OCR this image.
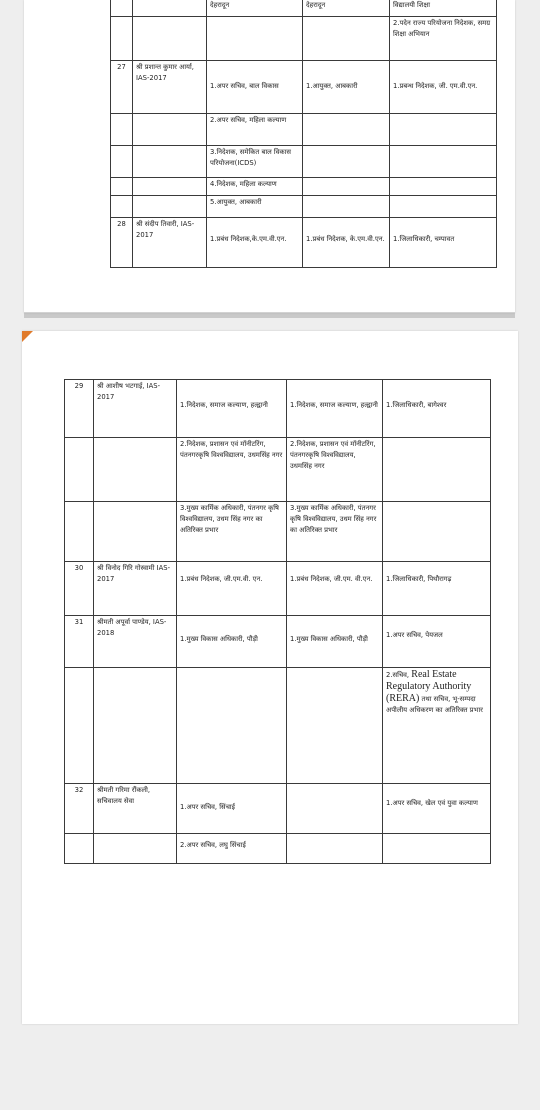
		देहरादून	देहरादून	विद्यालयी शिक्षा
				2.पदेन राज्य परियोजना निदेशक, समग्र शिक्षा अभियान
27	श्री प्रशान्त कुमार आर्या, IAS-2017	1.अपर सचिव, बाल विकास	1.आयुक्त, आबकारी	1.प्रबन्ध निदेशक, जी. एम.वी.एन.
		2.अपर सचिव, महिला कल्याण		
		3.निदेशक, समेकित बाल विकास परियोजना(ICDS)		
		4.निदेशक, महिला कल्याण		
		5.आयुक्त, आबकारी		
28	श्री संदीप तिवारी, IAS-2017	1.प्रबंध निदेशक,के.एम.वी.एन.	1.प्रबंध निदेशक, के.एम.वी.एन.	1.जिलाधिकारी, चम्पावत
29	श्री आशीष भटगाई, IAS-2017	1.निदेशक, समाज कल्याण, हल्द्वानी	1.निदेशक, समाज कल्याण, हल्द्वानी	1.जिलाधिकारी, बागेश्वर
		2.निदेशक, प्रशासन एवं मॉनीटरिंग, पंतनगरकृषि विश्वविद्यालय, उधमसिंह नगर	2.निदेशक, प्रशासन एवं मॉनीटरिंग, पंतनगरकृषि विश्वविद्यालय, उधमसिंह नगर	
		3.मुख्य कार्मिक अधिकारी, पंतनगर कृषि विश्वविद्यालय, उधम सिंह नगर का अतिरिक्त प्रभार	3.मुख्य कार्मिक अधिकारी, पंतनगर कृषि विश्वविद्यालय, उधम सिंह नगर का अतिरिक्त प्रभार	
30	श्री विनोद गिरि गोस्वामी IAS-2017	1.प्रबंध निदेशक, जी.एम.वी. एन.	1.प्रबंध निदेशक, जी.एम. वी.एन.	1.जिलाधिकारी, पिथौरागढ़
31	श्रीमती अपूर्वा पाण्डेय, IAS-2018	1.मुख्य विकास अधिकारी, पौड़ी	1.मुख्य विकास अधिकारी, पौड़ी	1.अपर सचिव, पेयजल
				2.सचिव, Real Estate Regulatory Authority (RERA) तथा सचिव, भू-सम्पदा अपीलीय अधिकरण का अतिरिक्त प्रभार
32	श्रीमती गरिमा रौंकली, सचिवालय सेवा	1.अपर सचिव, सिंचाई		1.अपर सचिव, खेल एवं युवा कल्याण
		2.अपर सचिव, लघु सिंचाई		
